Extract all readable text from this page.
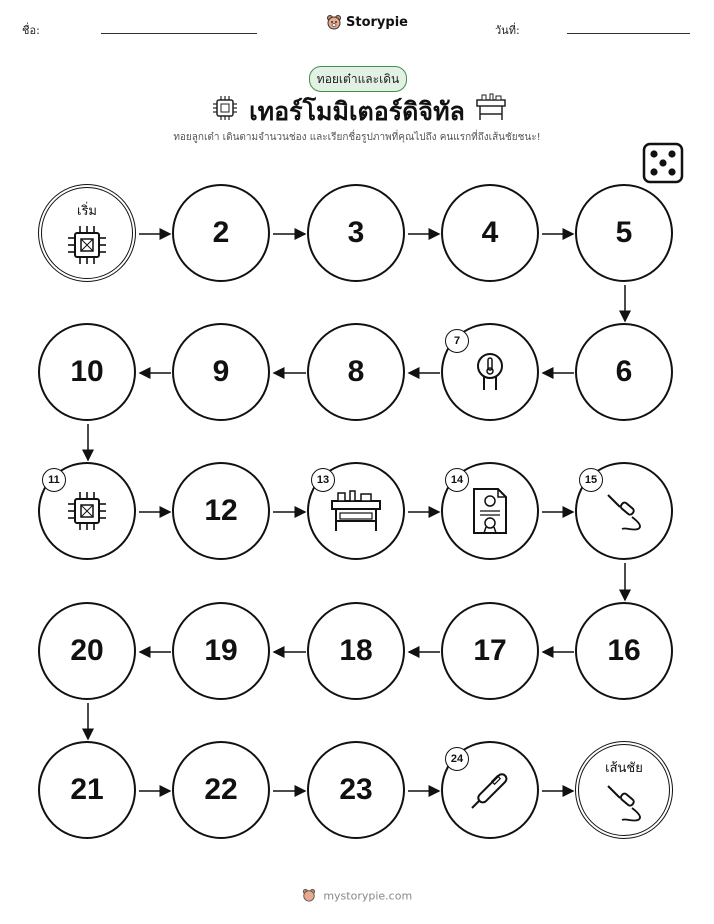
ชื่อ:
Storypie
วันที่:
ทอยเต๋าและเดิน
เทอร์โมมิเตอร์ดิจิทัล
ทอยลูกเต๋า เดินตามจำนวนช่อง และเรียกชื่อรูปภาพที่คุณไปถึง คนแรกที่ถึงเส้นชัยชนะ!
เริ่ม
2	3	4	5
6
7
8
9
10
11
12
13	14	15
16
17
18
19
20
21	22	23
24
เส้นชัย
mystorypie.com
